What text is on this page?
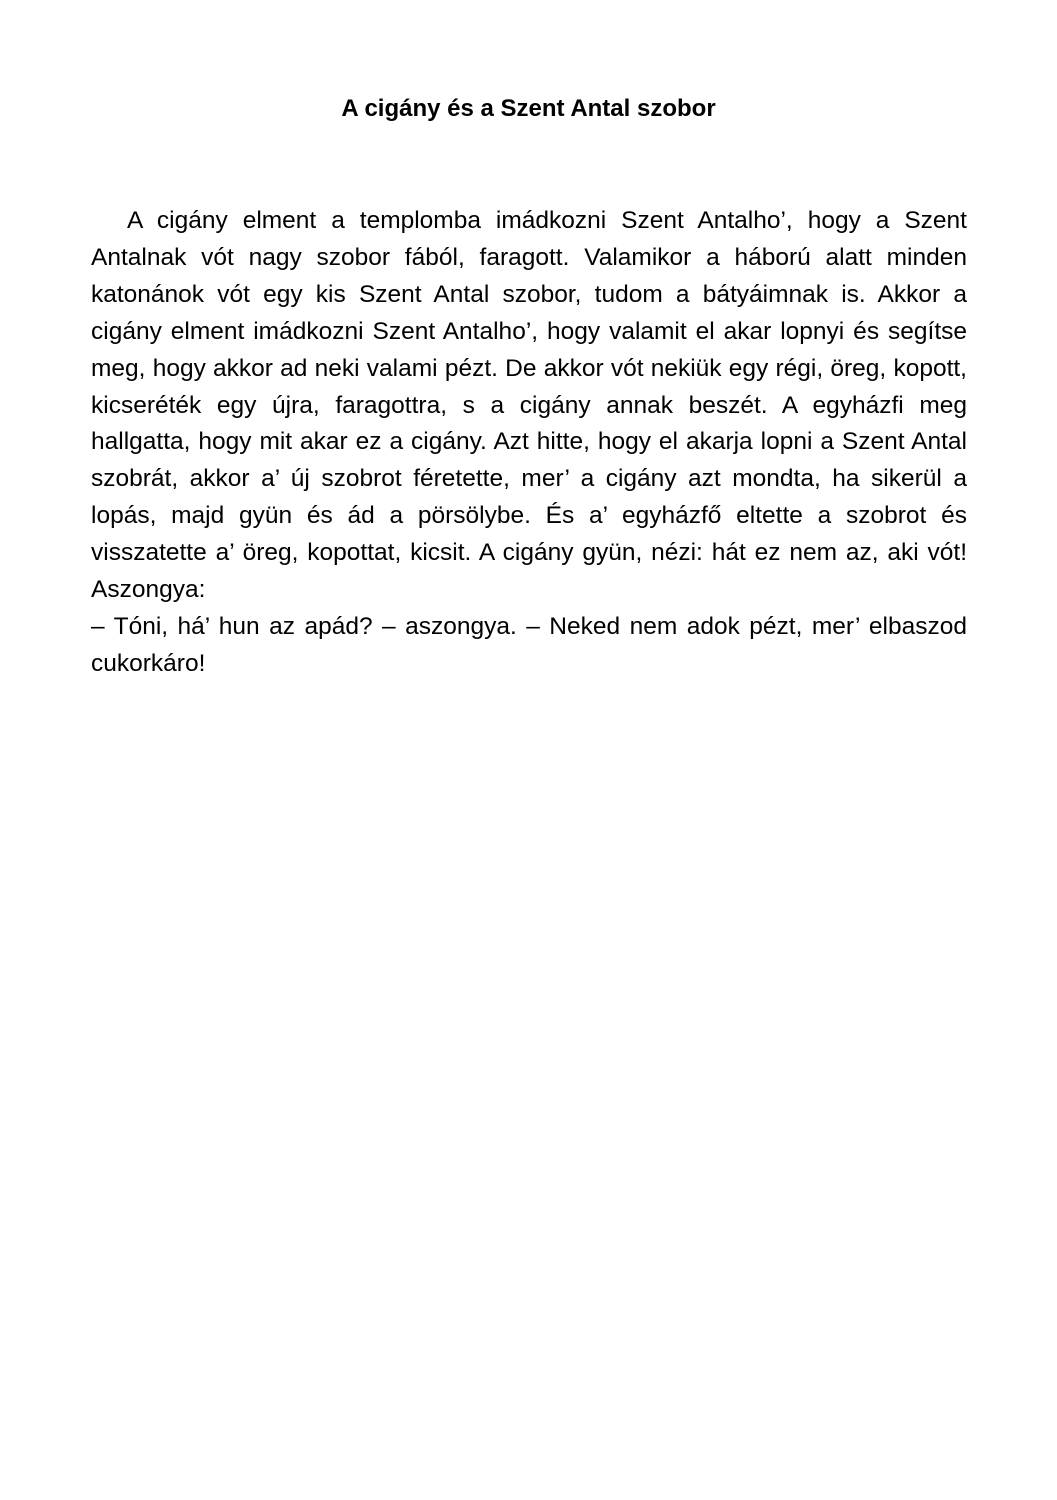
A cigány és a Szent Antal szobor

A cigány elment a templomba imádkozni Szent Antalho’, hogy a Szent Antalnak vót nagy szobor fából, faragott. Valamikor a háború alatt minden katonánok vót egy kis Szent Antal szobor, tudom a bátyáimnak is. Akkor a cigány elment imádkozni Szent Antalho’, hogy valamit el akar lopnyi és segítse meg, hogy akkor ad neki valami pézt. De akkor vót nekiük egy régi, öreg, kopott, kicseréték egy újra, faragottra, s a cigány annak beszét. A egyházfi meg hallgatta, hogy mit akar ez a cigány. Azt hitte, hogy el akarja lopni a Szent Antal szobrát, akkor a’ új szobrot féretette, mer’ a cigány azt mondta, ha sikerül a lopás, majd gyün és ád a pörsölybe. És a’ egyházfő eltette a szobrot és visszatette a’ öreg, kopottat, kicsit. A cigány gyün, nézi: hát ez nem az, aki vót! Aszongya:

– Tóni, há’ hun az apád? – aszongya. – Neked nem adok pézt, mer’ elbaszod cukorkáro!
